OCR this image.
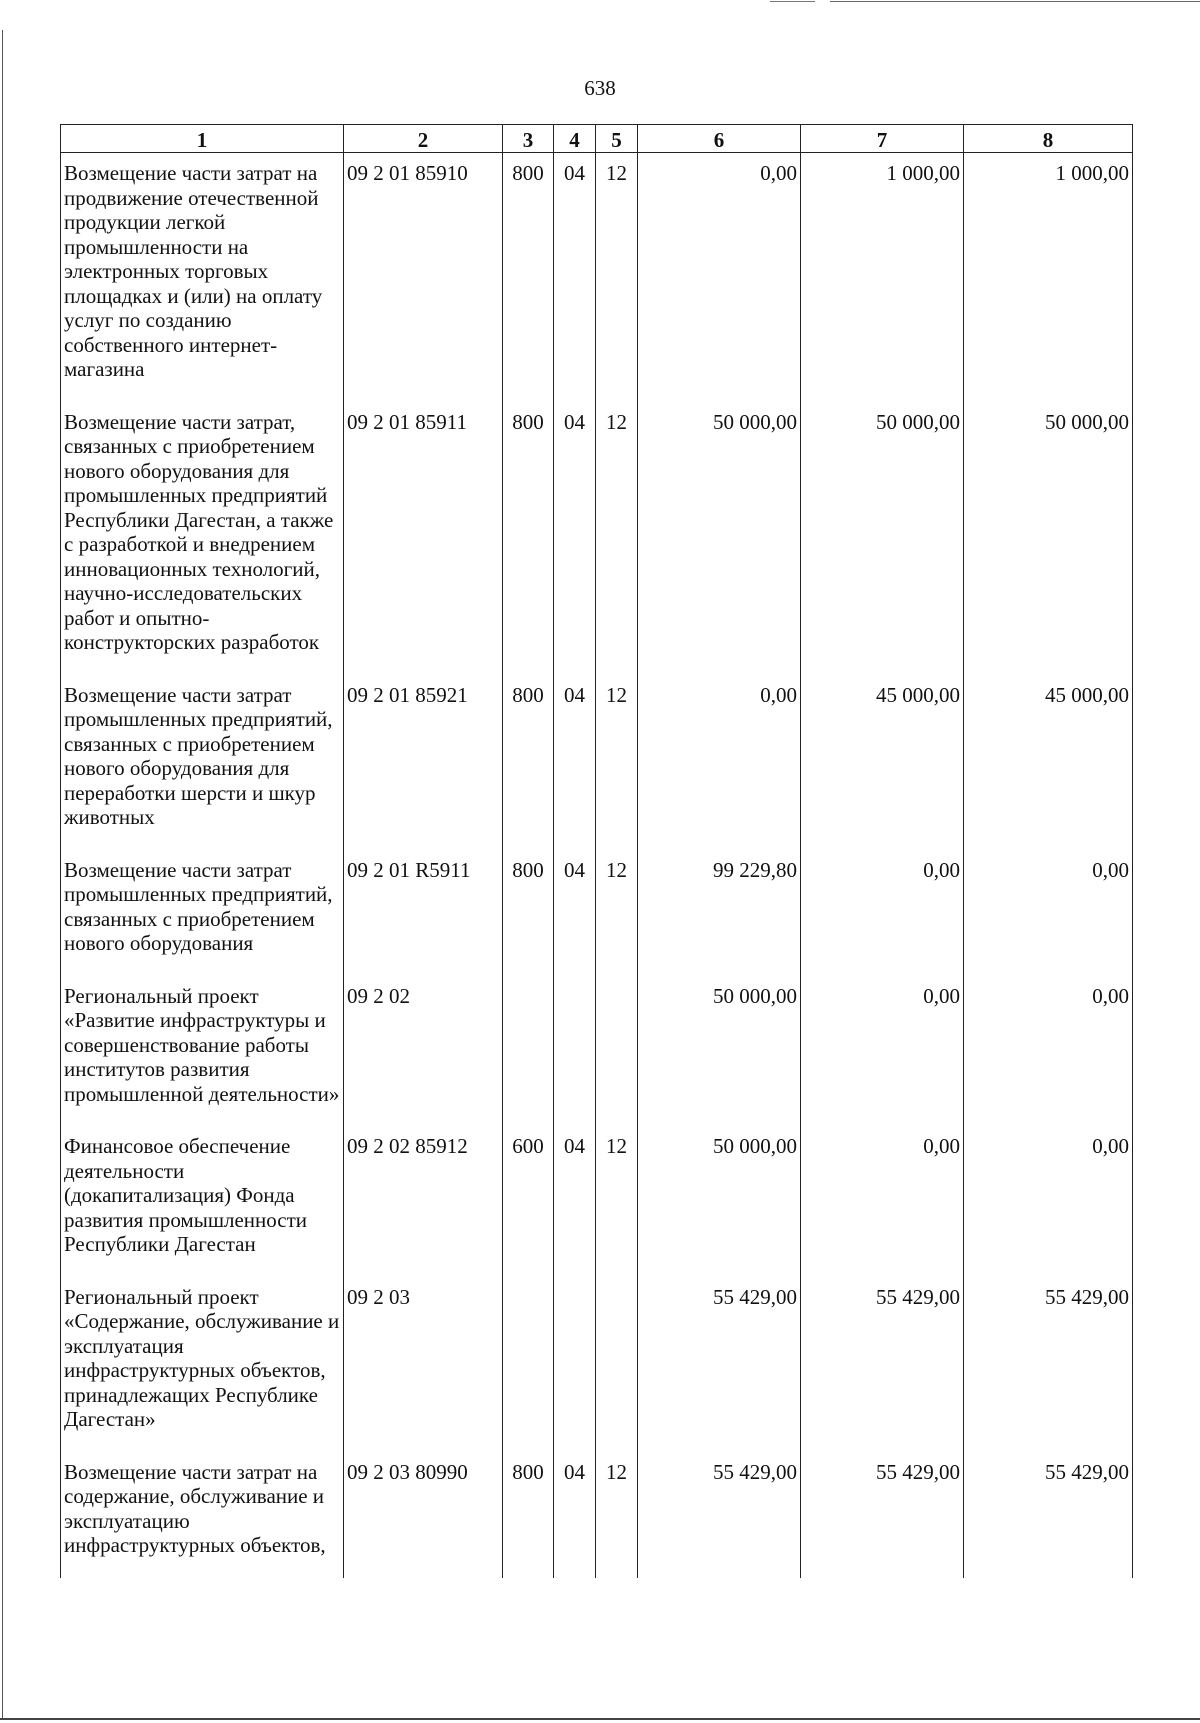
638
1	2	3	4	5	6	7	8
Возмещение части затрат на продвижение отечественной продукции легкой промышленности на электронных торговых площадках и (или) на оплату услуг по созданию собственного интернет-магазина	09 2 01 85910	800	04	12	0,00	1 000,00	1 000,00
Возмещение части затрат, связанных с приобретением нового оборудования для промышленных предприятий Республики Дагестан, а также с разработкой и внедрением инновационных технологий, научно-исследовательских работ и опытно-конструкторских разработок	09 2 01 85911	800	04	12	50 000,00	50 000,00	50 000,00
Возмещение части затрат промышленных предприятий, связанных с приобретением нового оборудования для переработки шерсти и шкур животных	09 2 01 85921	800	04	12	0,00	45 000,00	45 000,00
Возмещение части затрат промышленных предприятий, связанных с приобретением нового оборудования	09 2 01 R5911	800	04	12	99 229,80	0,00	0,00
Региональный проект «Развитие инфраструктуры и совершенствование работы институтов развития промышленной деятельности»	09 2 02				50 000,00	0,00	0,00
Финансовое обеспечение деятельности (докапитализация) Фонда развития промышленности Республики Дагестан	09 2 02 85912	600	04	12	50 000,00	0,00	0,00
Региональный проект «Содержание, обслуживание и эксплуатация инфраструктурных объектов, принадлежащих Республике Дагестан»	09 2 03				55 429,00	55 429,00	55 429,00
Возмещение части затрат на содержание, обслуживание и эксплуатацию инфраструктурных объектов,	09 2 03 80990	800	04	12	55 429,00	55 429,00	55 429,00
